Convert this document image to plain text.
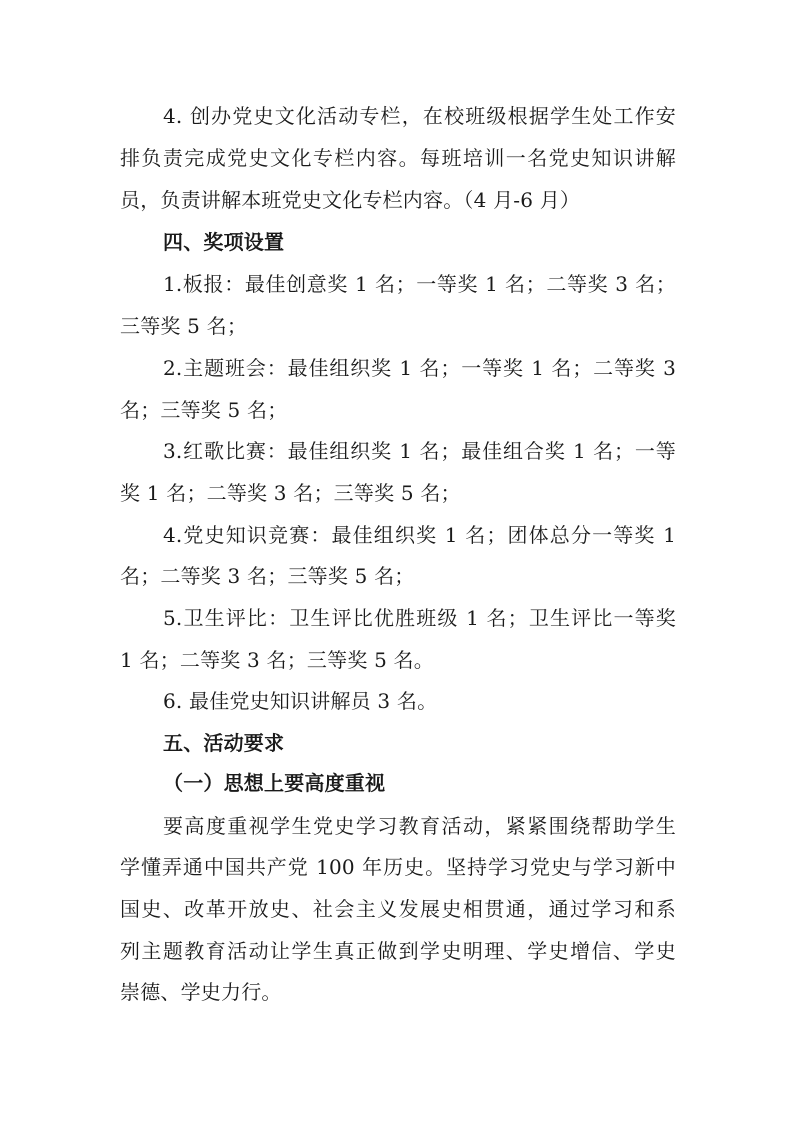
4. 创办党史文化活动专栏，在校班级根据学生处工作安
排负责完成党史文化专栏内容。每班培训一名党史知识讲解
员，负责讲解本班党史文化专栏内容。（4 月-6 月）
四、奖项设置
1.板报：最佳创意奖 1 名；一等奖 1 名；二等奖 3 名；
三等奖 5 名；
2.主题班会：最佳组织奖 1 名；一等奖 1 名；二等奖 3
名；三等奖 5 名；
3.红歌比赛：最佳组织奖 1 名；最佳组合奖 1 名；一等
奖 1 名；二等奖 3 名；三等奖 5 名；
4.党史知识竞赛：最佳组织奖 1 名；团体总分一等奖 1
名；二等奖 3 名；三等奖 5 名；
5.卫生评比：卫生评比优胜班级 1 名；卫生评比一等奖
1 名；二等奖 3 名；三等奖 5 名。
6. 最佳党史知识讲解员 3 名。
五、活动要求
（一）思想上要高度重视
要高度重视学生党史学习教育活动，紧紧围绕帮助学生
学懂弄通中国共产党 100 年历史。坚持学习党史与学习新中
国史、改革开放史、社会主义发展史相贯通，通过学习和系
列主题教育活动让学生真正做到学史明理、学史增信、学史
崇德、学史力行。
